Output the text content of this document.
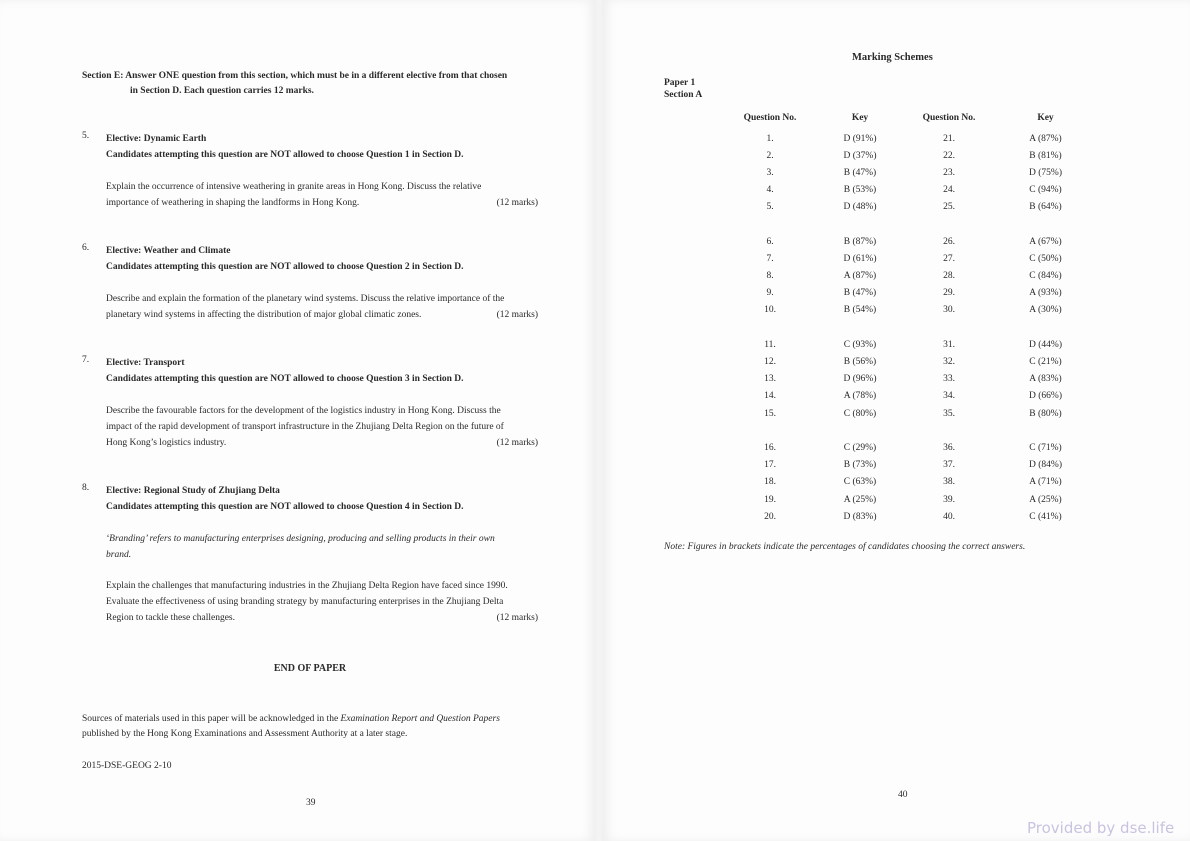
Section E: Answer ONE question from this section, which must be in a different elective from that chosen
in Section D. Each question carries 12 marks.
5. Elective: Dynamic Earth
Candidates attempting this question are NOT allowed to choose Question 1 in Section D.
Explain the occurrence of intensive weathering in granite areas in Hong Kong. Discuss the relative
importance of weathering in shaping the landforms in Hong Kong.	(12 marks)
6. Elective: Weather and Climate
Candidates attempting this question are NOT allowed to choose Question 2 in Section D.
Describe and explain the formation of the planetary wind systems. Discuss the relative importance of the
planetary wind systems in affecting the distribution of major global climatic zones.	(12 marks)
7. Elective: Transport
Candidates attempting this question are NOT allowed to choose Question 3 in Section D.
Describe the favourable factors for the development of the logistics industry in Hong Kong. Discuss the
impact of the rapid development of transport infrastructure in the Zhujiang Delta Region on the future of
Hong Kong’s logistics industry.	(12 marks)
8. Elective: Regional Study of Zhujiang Delta
Candidates attempting this question are NOT allowed to choose Question 4 in Section D.
‘Branding’ refers to manufacturing enterprises designing, producing and selling products in their own
brand.
Explain the challenges that manufacturing industries in the Zhujiang Delta Region have faced since 1990.
Evaluate the effectiveness of using branding strategy by manufacturing enterprises in the Zhujiang Delta
Region to tackle these challenges.	(12 marks)
END OF PAPER
Sources of materials used in this paper will be acknowledged in the Examination Report and Question Papers
published by the Hong Kong Examinations and Assessment Authority at a later stage.
2015-DSE-GEOG 2-10
39
Marking Schemes
Paper 1
Section A
Question No.	Key	Question No.	Key

1.	D (91%)	21.	A (87%)
2.	D (37%)	22.	B (81%)
3.	B (47%)	23.	D (75%)
4.	B (53%)	24.	C (94%)
5.	D (48%)	25.	B (64%)

6.	B (87%)	26.	A (67%)
7.	D (61%)	27.	C (50%)
8.	A (87%)	28.	C (84%)
9.	B (47%)	29.	A (93%)
10.	B (54%)	30.	A (30%)

11.	C (93%)	31.	D (44%)
12.	B (56%)	32.	C (21%)
13.	D (96%)	33.	A (83%)
14.	A (78%)	34.	D (66%)
15.	C (80%)	35.	B (80%)

16.	C (29%)	36.	C (71%)
17.	B (73%)	37.	D (84%)
18.	C (63%)	38.	A (71%)
19.	A (25%)	39.	A (25%)
20.	D (83%)	40.	C (41%)
Note: Figures in brackets indicate the percentages of candidates choosing the correct answers.
40
Provided by dse.life
